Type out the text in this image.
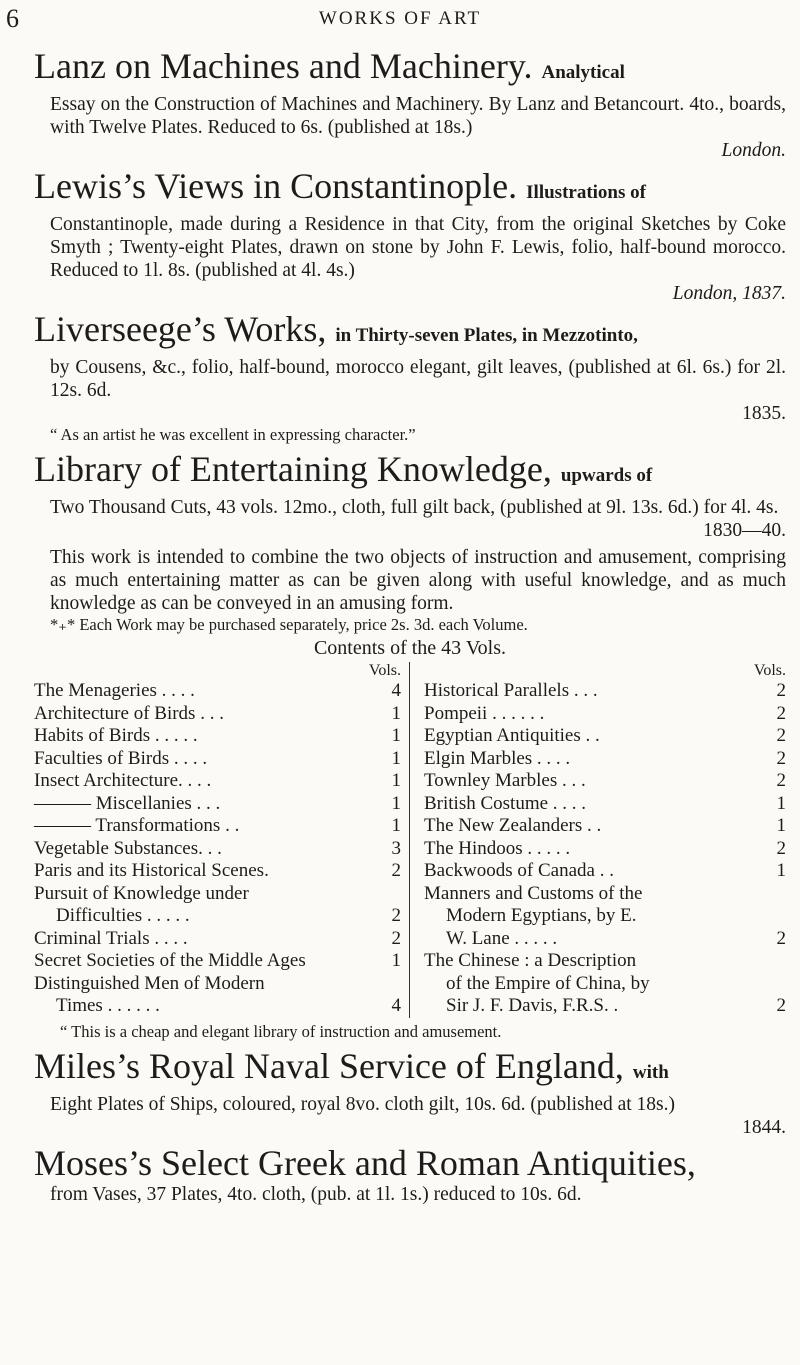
6	WORKS OF ART
Lanz on Machines and Machinery. Analytical
Essay on the Construction of Machines and Machinery. By Lanz and Betancourt. 4to., boards, with Twelve Plates. Reduced to 6s. (published at 18s.)
London.
Lewis’s Views in Constantinople. Illustrations of
Constantinople, made during a Residence in that City, from the original Sketches by Coke Smyth ; Twenty-eight Plates, drawn on stone by John F. Lewis, folio, half-bound morocco. Reduced to 1l. 8s. (published at 4l. 4s.)
London, 1837.
Liverseege’s Works, in Thirty-seven Plates, in Mezzotinto,
by Cousens, &c., folio, half-bound, morocco elegant, gilt leaves, (published at 6l. 6s.) for 2l. 12s. 6d.
1835.
“ As an artist he was excellent in expressing character.”
Library of Entertaining Knowledge, upwards of
Two Thousand Cuts, 43 vols. 12mo., cloth, full gilt back, (published at 9l. 13s. 6d.) for 4l. 4s.
1830—40.
This work is intended to combine the two objects of instruction and amusement, comprising as much entertaining matter as can be given along with useful knowledge, and as much knowledge as can be conveyed in an amusing form.
*₊* Each Work may be purchased separately, price 2s. 3d. each Volume.
Contents of the 43 Vols.
Vols.
The Menageries . . . .	4
Architecture of Birds . . .	1
Habits of Birds . . . . .	1
Faculties of Birds . . . .	1
Insect Architecture. . . .	1
——— Miscellanies . . .	1
——— Transformations . .	1
Vegetable Substances. . .	3
Paris and its Historical Scenes.	2
Pursuit of Knowledge under
Difficulties . . . . .	2
Criminal Trials . . . .	2
Secret Societies of the Middle Ages	1
Distinguished Men of Modern
Times . . . . . .	4
Vols.
Historical Parallels . . .	2
Pompeii . . . . . .	2
Egyptian Antiquities . .	2
Elgin Marbles . . . .	2
Townley Marbles . . .	2
British Costume . . . .	1
The New Zealanders . .	1
The Hindoos . . . . .	2
Backwoods of Canada . .	1
Manners and Customs of the
Modern Egyptians, by E.
W. Lane . . . . .	2
The Chinese : a Description
of the Empire of China, by
Sir J. F. Davis, F.R.S. .	2
“ This is a cheap and elegant library of instruction and amusement.
Miles’s Royal Naval Service of England, with
Eight Plates of Ships, coloured, royal 8vo. cloth gilt, 10s. 6d. (published at 18s.)
1844.
Moses’s Select Greek and Roman Antiquities,
from Vases, 37 Plates, 4to. cloth, (pub. at 1l. 1s.) reduced to 10s. 6d.
